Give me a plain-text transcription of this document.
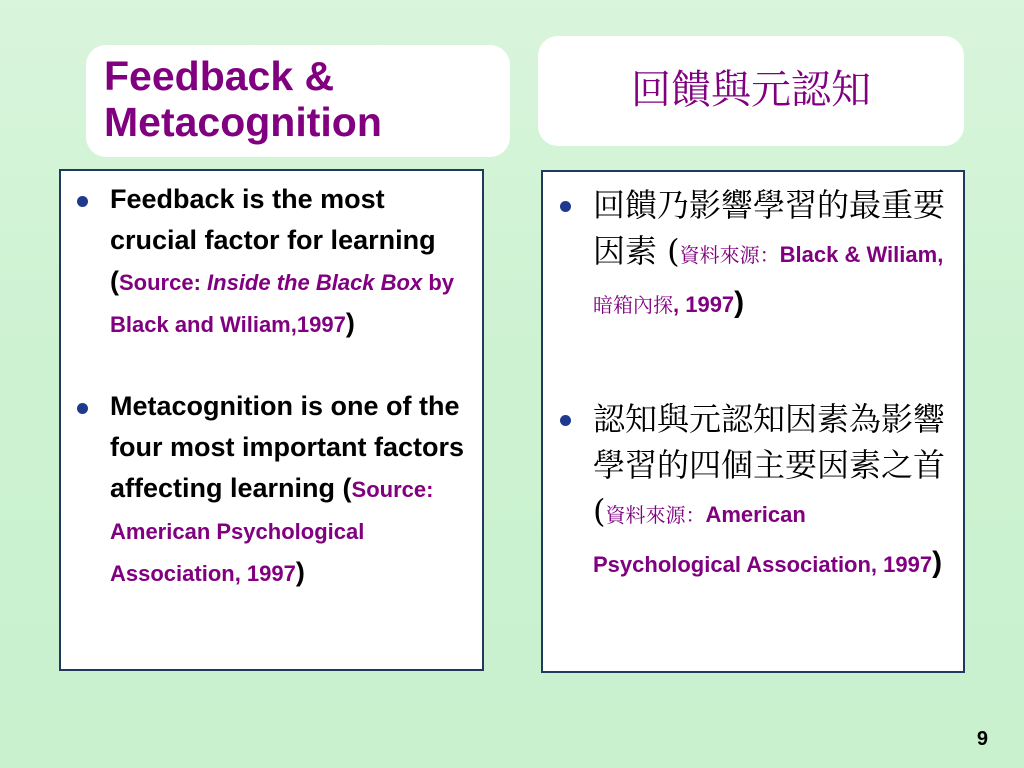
Feedback &
Metacognition
回饋與元認知
Feedback is the most crucial factor for learning (Source: Inside the Black Box by Black and Wiliam,1997)
Metacognition is one of the four most important factors affecting learning (Source: American Psychological Association, 1997)
回饋乃影響學習的最重要因素 (資料來源：Black & Wiliam, 暗箱內探, 1997)
認知與元認知因素為影響學習的四個主要因素之首 (資料來源：American Psychological Association, 1997)
9
